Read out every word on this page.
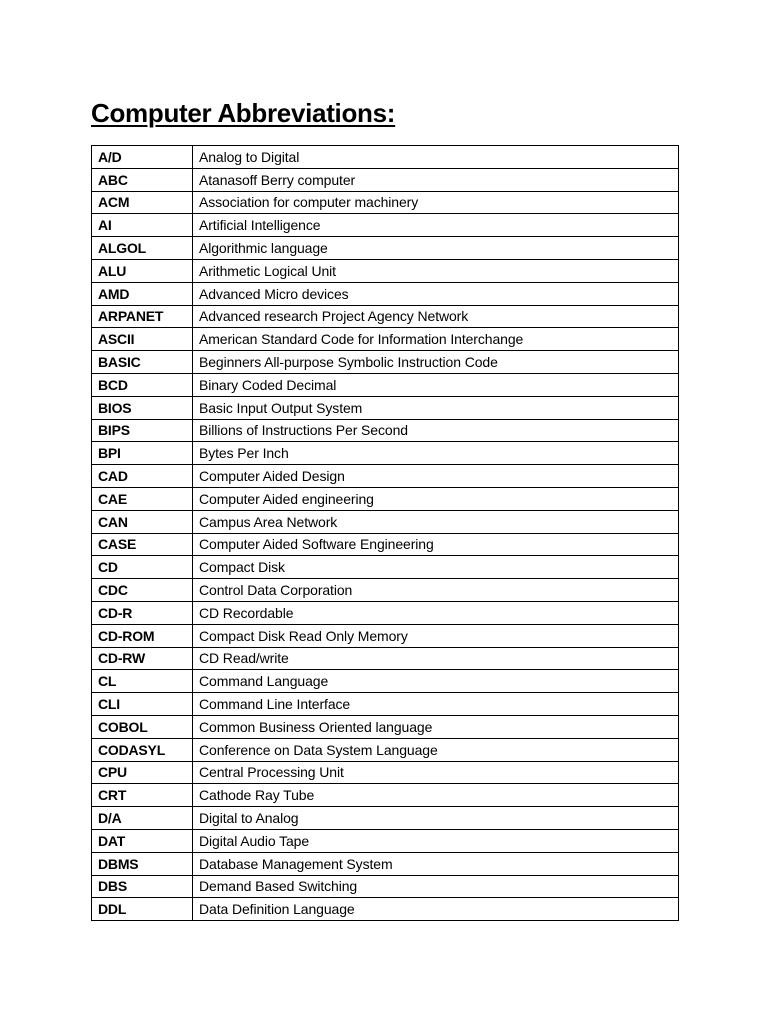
Computer Abbreviations:
A/D	Analog to Digital
ABC	Atanasoff Berry computer
ACM	Association for computer machinery
AI	Artificial Intelligence
ALGOL	Algorithmic language
ALU	Arithmetic Logical Unit
AMD	Advanced Micro devices
ARPANET	Advanced research Project Agency Network
ASCII	American Standard Code for Information Interchange
BASIC	Beginners All-purpose Symbolic Instruction Code
BCD	Binary Coded Decimal
BIOS	Basic Input Output System
BIPS	Billions of Instructions Per Second
BPI	Bytes Per Inch
CAD	Computer Aided Design
CAE	Computer Aided engineering
CAN	Campus Area Network
CASE	Computer Aided Software Engineering
CD	Compact Disk
CDC	Control Data Corporation
CD-R	CD Recordable
CD-ROM	Compact Disk Read Only Memory
CD-RW	CD Read/write
CL	Command Language
CLI	Command Line Interface
COBOL	Common Business Oriented language
CODASYL	Conference on Data System Language
CPU	Central Processing Unit
CRT	Cathode Ray Tube
D/A	Digital to Analog
DAT	Digital Audio Tape
DBMS	Database Management System
DBS	Demand Based Switching
DDL	Data Definition Language
